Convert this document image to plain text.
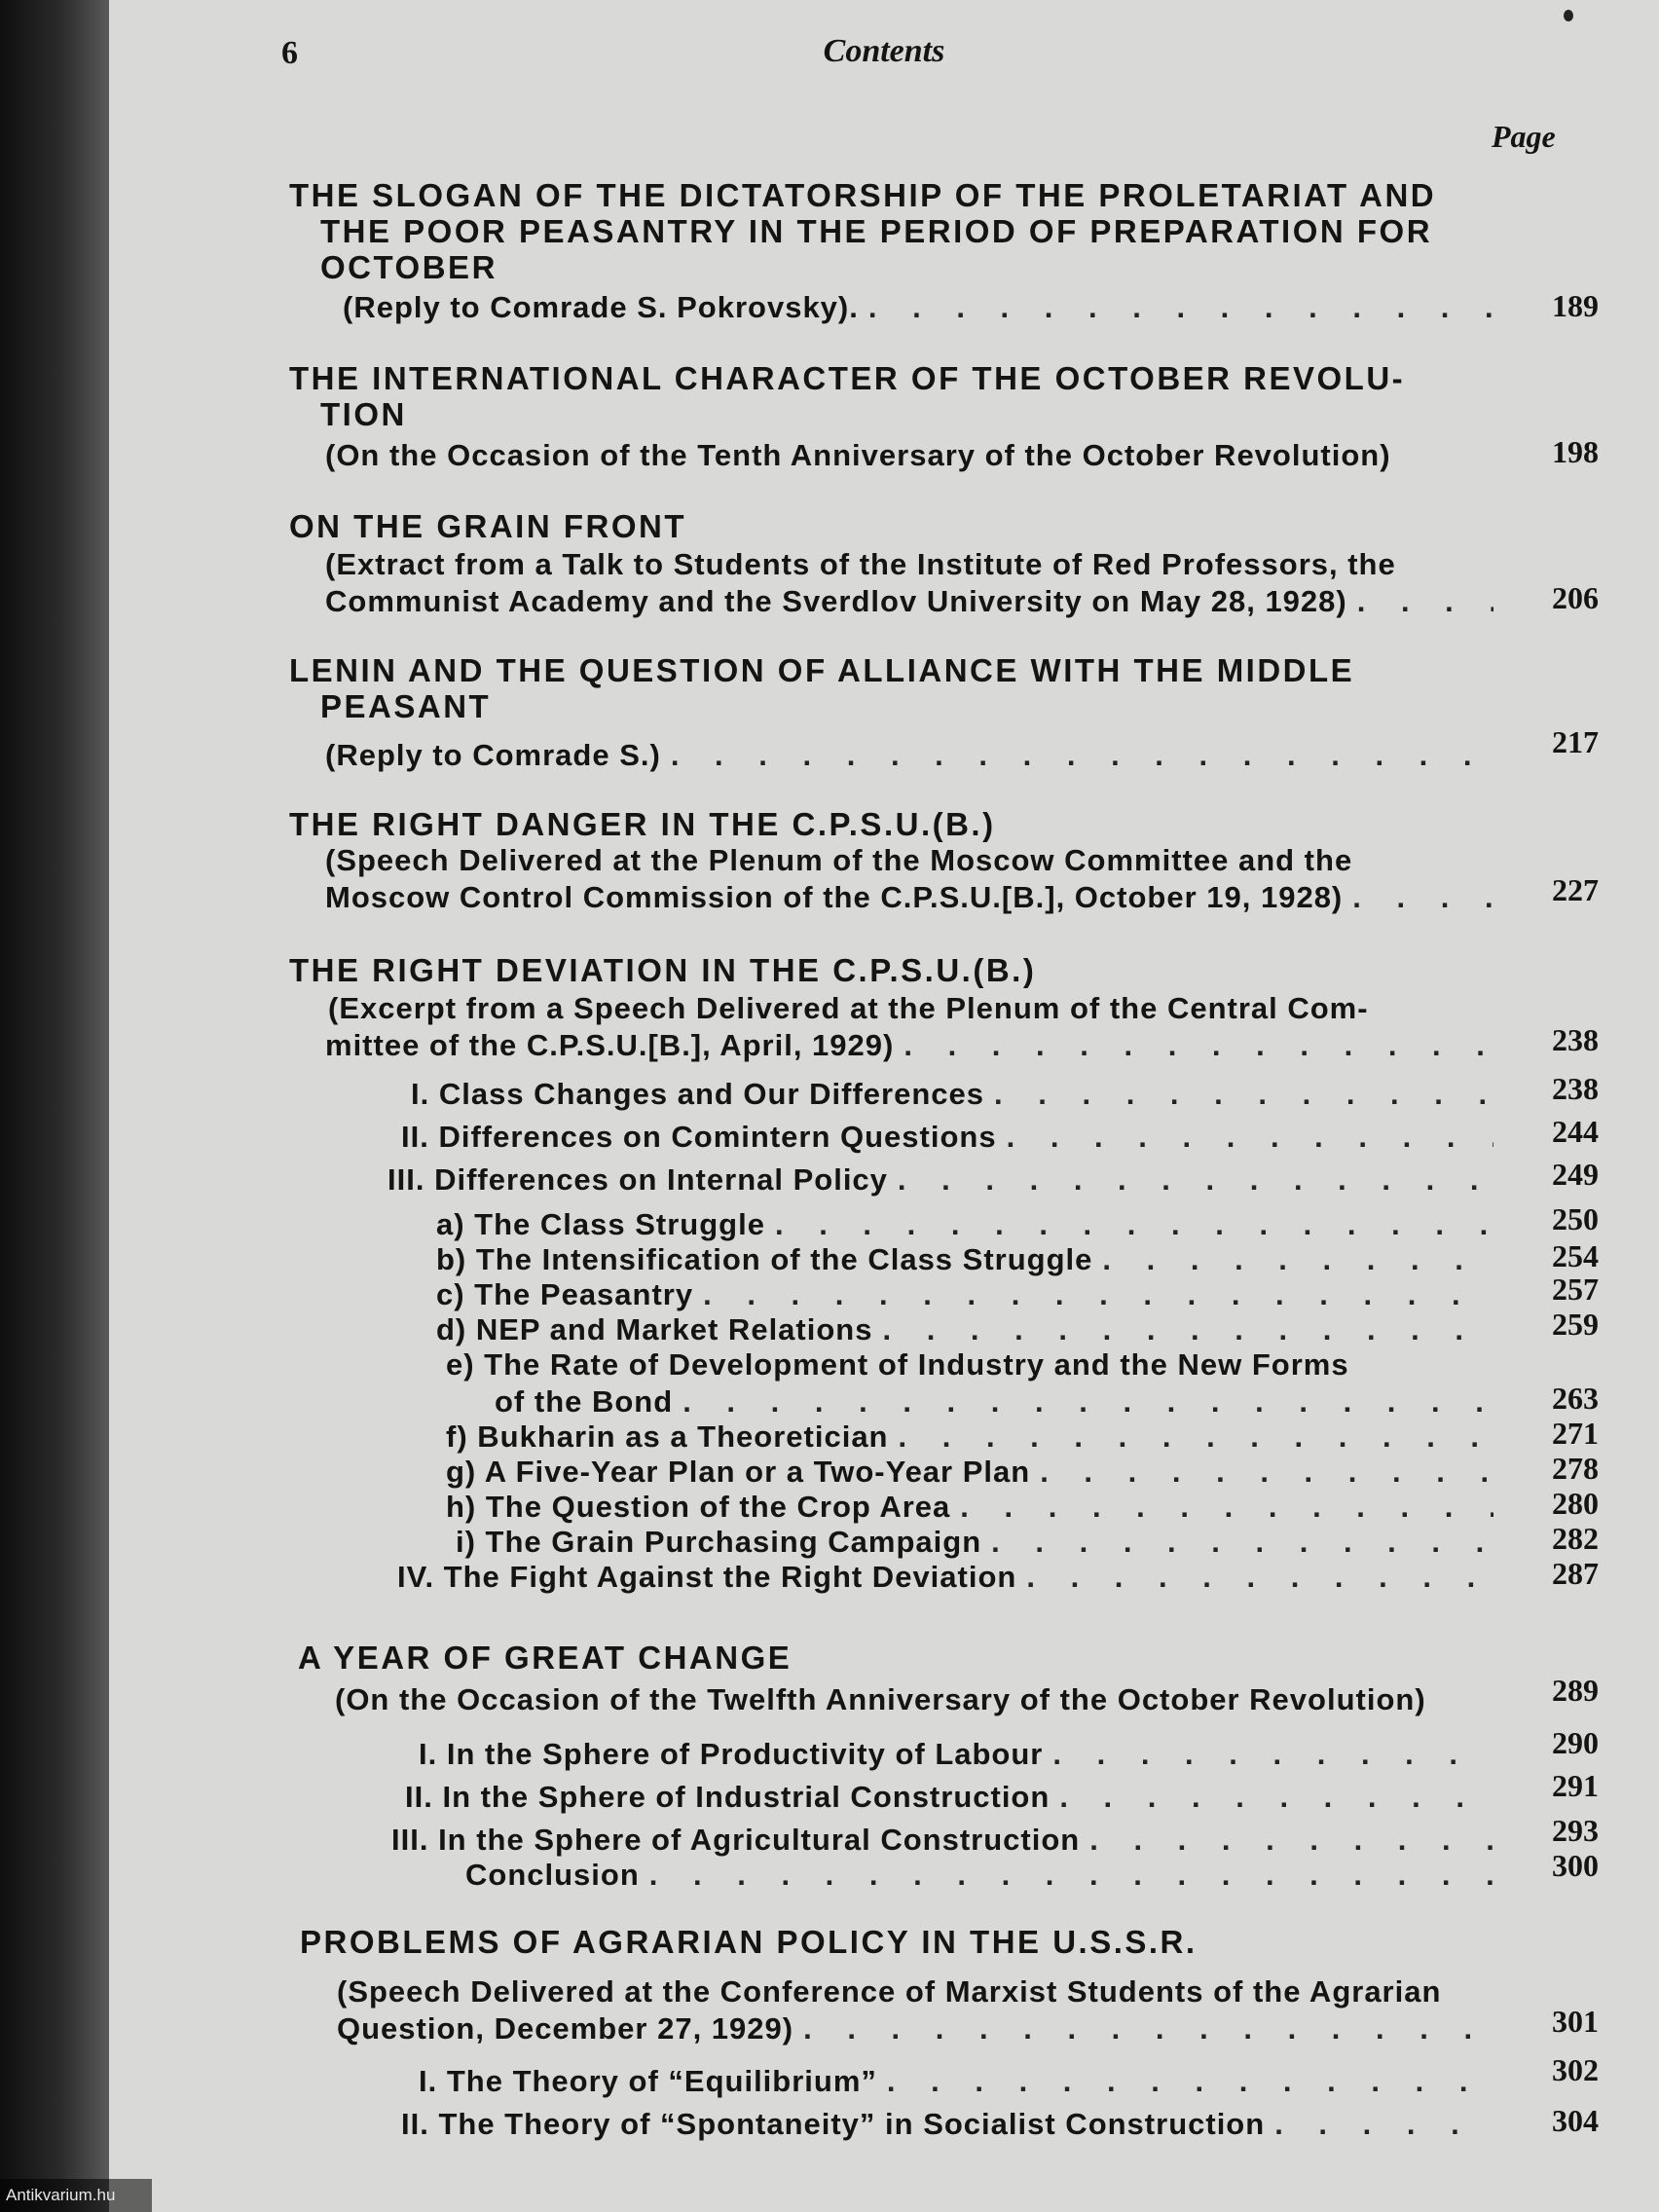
6	Contents
Page
THE SLOGAN OF THE DICTATORSHIP OF THE PROLETARIAT AND
THE POOR PEASANTRY IN THE PERIOD OF PREPARATION FOR
OCTOBER
(Reply to Comrade S. Pokrovsky). . . .	189
THE INTERNATIONAL CHARACTER OF THE OCTOBER REVOLU-
TION
(On the Occasion of the Tenth Anniversary of the October Revolution)	198
ON THE GRAIN FRONT
(Extract from a Talk to Students of the Institute of Red Professors, the
Communist Academy and the Sverdlov University on May 28, 1928) . . .	206
LENIN AND THE QUESTION OF ALLIANCE WITH THE MIDDLE
PEASANT
(Reply to Comrade S.) . . .	217
THE RIGHT DANGER IN THE C.P.S.U.(B.)
(Speech Delivered at the Plenum of the Moscow Committee and the
Moscow Control Commission of the C.P.S.U.[B.], October 19, 1928) . . .	227
THE RIGHT DEVIATION IN THE C.P.S.U.(B.)
(Excerpt from a Speech Delivered at the Plenum of the Central Com-
mittee of the C.P.S.U.[B.], April, 1929) . . .	238
I. Class Changes and Our Differences . . .	238
II. Differences on Comintern Questions . . .	244
III. Differences on Internal Policy . . .	249
a) The Class Struggle . . .	250
b) The Intensification of the Class Struggle . . .	254
c) The Peasantry . . .	257
d) NEP and Market Relations . . .	259
e) The Rate of Development of Industry and the New Forms
of the Bond . . .	263
f) Bukharin as a Theoretician . . .	271
g) A Five-Year Plan or a Two-Year Plan . . .	278
h) The Question of the Crop Area . . .	280
i) The Grain Purchasing Campaign . . .	282
IV. The Fight Against the Right Deviation . . .	287
A YEAR OF GREAT CHANGE
(On the Occasion of the Twelfth Anniversary of the October Revolution)	289
I. In the Sphere of Productivity of Labour . . .	290
II. In the Sphere of Industrial Construction . . .	291
III. In the Sphere of Agricultural Construction . . .	293
Conclusion . . .	300
PROBLEMS OF AGRARIAN POLICY IN THE U.S.S.R.
(Speech Delivered at the Conference of Marxist Students of the Agrarian
Question, December 27, 1929) . . .	301
I. The Theory of “Equilibrium” . . .	302
II. The Theory of “Spontaneity” in Socialist Construction . . .	304
Antikvarium.hu
